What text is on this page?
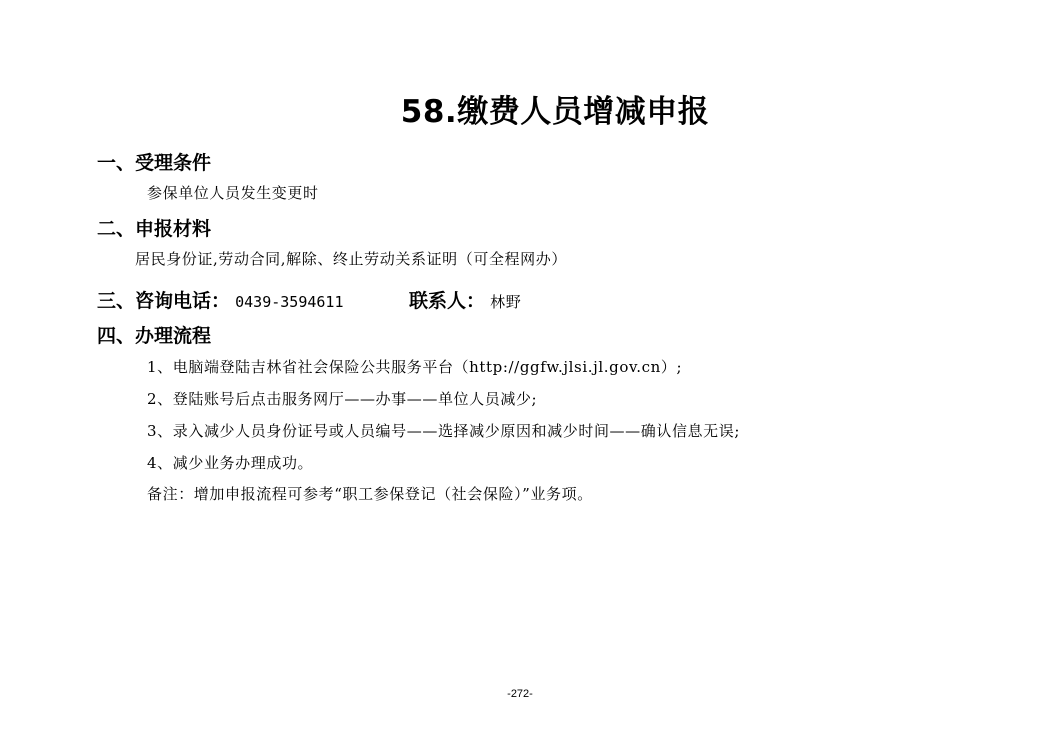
58.缴费人员增减申报
一、受理条件
参保单位人员发生变更时
二、申报材料
居民身份证,劳动合同,解除、终止劳动关系证明（可全程网办）
三、咨询电话： 0439-3594611	联系人： 林野
四、办理流程
1、电脑端登陆吉林省社会保险公共服务平台（http://ggfw.jlsi.jl.gov.cn）;
2、登陆账号后点击服务网厅——办事——单位人员减少;
3、录入减少人员身份证号或人员编号——选择减少原因和减少时间——确认信息无误;
4、减少业务办理成功。
备注：增加申报流程可参考“职工参保登记（社会保险）”业务项。
-272-
